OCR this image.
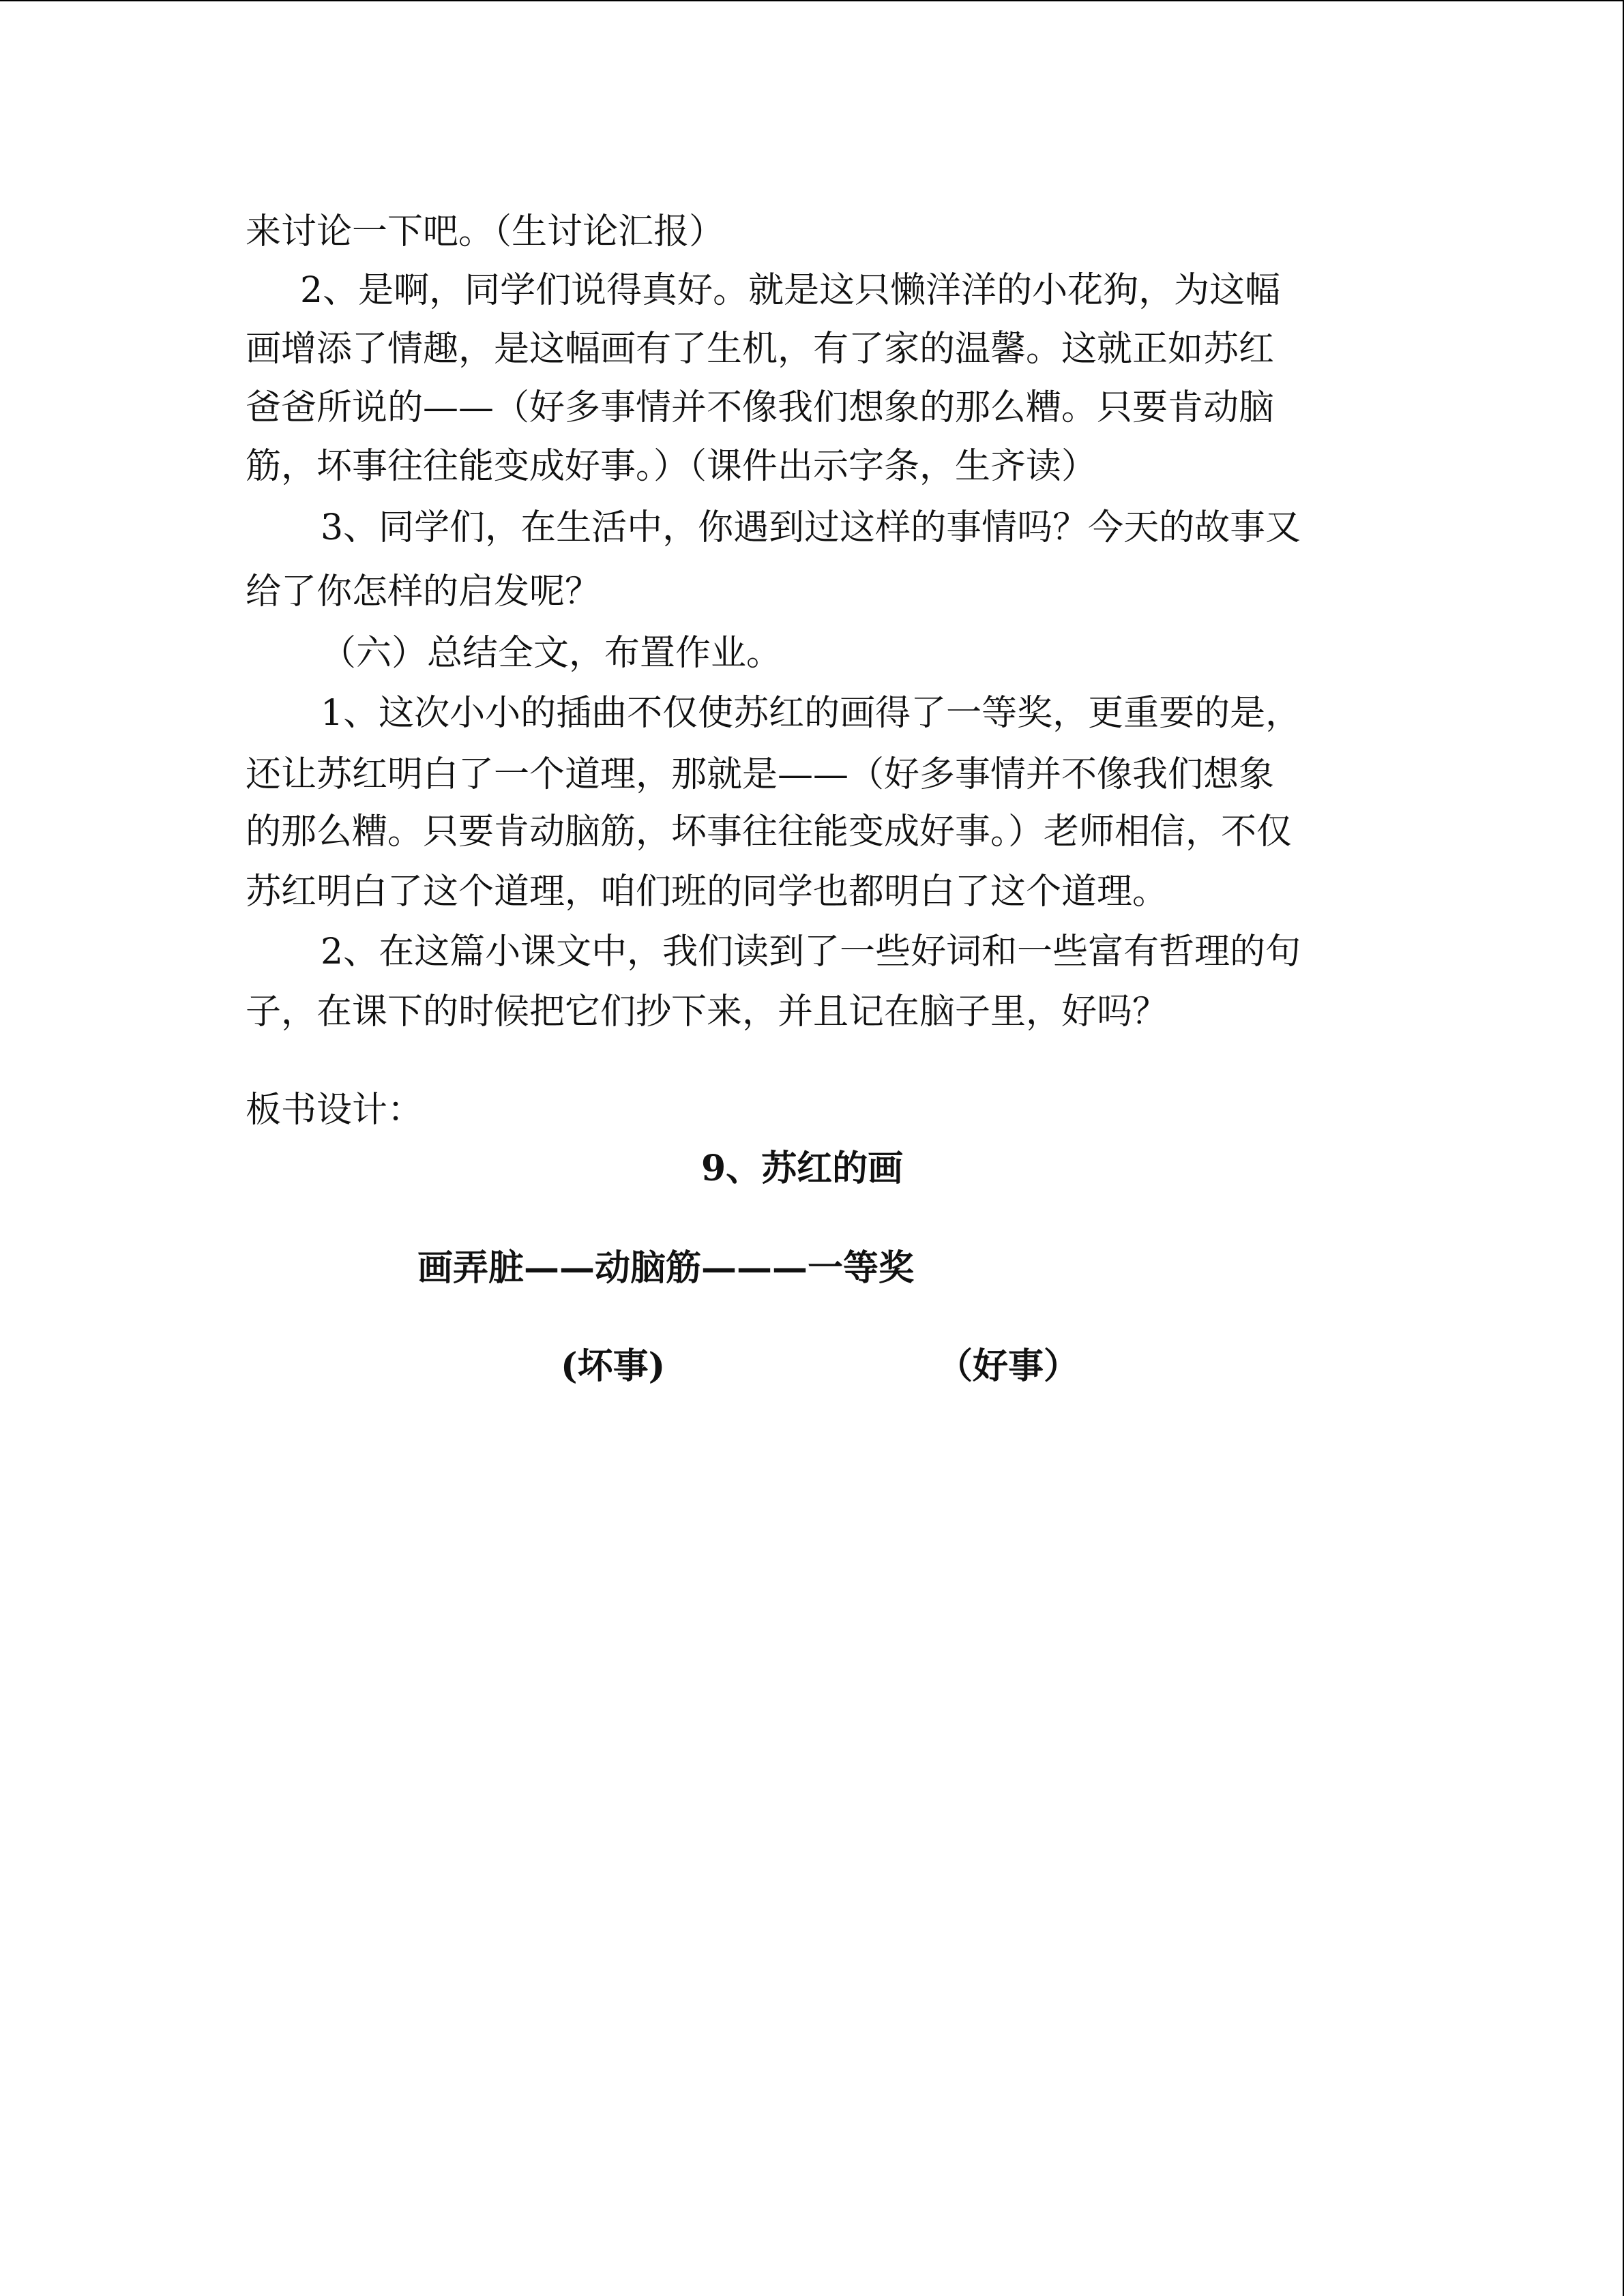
来讨论一下吧。（生讨论汇报）

2、是啊，同学们说得真好。就是这只懒洋洋的小花狗，为这幅

画增添了情趣，是这幅画有了生机，有了家的温馨。这就正如苏红

爸爸所说的——（好多事情并不像我们想象的那么糟。只要肯动脑

筋，坏事往往能变成好事。）（课件出示字条，生齐读）

3、同学们，在生活中，你遇到过这样的事情吗？今天的故事又

给了你怎样的启发呢？

（六）总结全文，布置作业。

1、这次小小的插曲不仅使苏红的画得了一等奖，更重要的是，

还让苏红明白了一个道理，那就是——（好多事情并不像我们想象

的那么糟。只要肯动脑筋，坏事往往能变成好事。）老师相信，不仅

苏红明白了这个道理，咱们班的同学也都明白了这个道理。

2、在这篇小课文中，我们读到了一些好词和一些富有哲理的句

子，在课下的时候把它们抄下来，并且记在脑子里，好吗？

板书设计：

9、苏红的画

画弄脏——动脑筋———一等奖

(坏事)	（好事）
